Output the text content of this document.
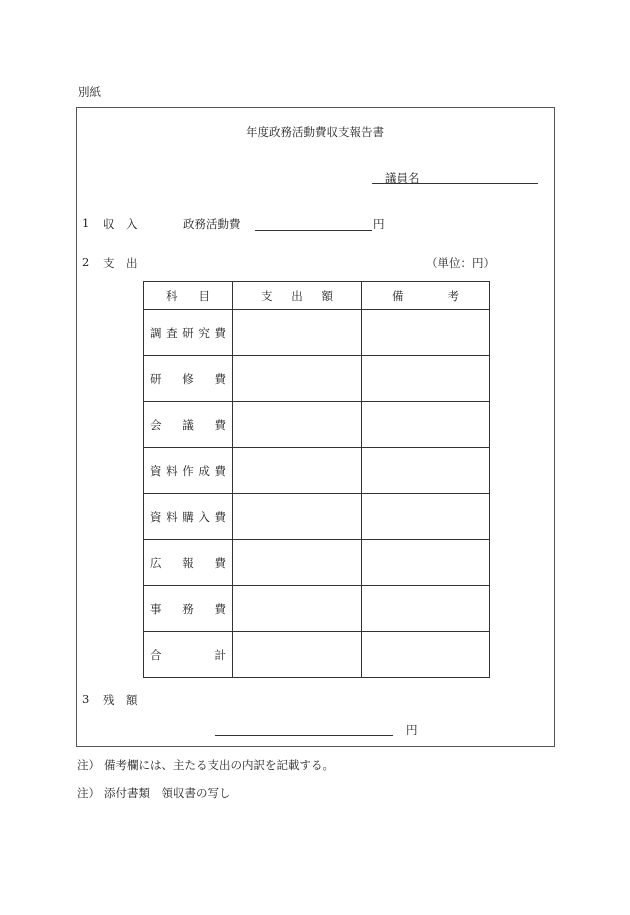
別紙
年度政務活動費収支報告書
議員名
1 収 入	政務活動費	円
2 支 出	（単位：円）
科 目	支 出 額	備 考

調 査 研 究 費		

研 修 費		

会 議 費		

資 料 作 成 費		

資 料 購 入 費		

広 報 費		

事 務 費		

合 計		

3 残 額
円
注） 備考欄には、主たる支出の内訳を記載する。
注） 添付書類　領収書の写し
